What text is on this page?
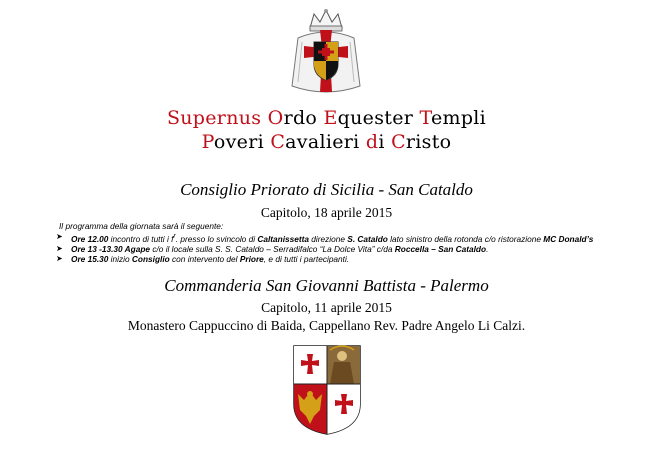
Supernus Ordo Equester Templi
Poveri Cavalieri di Cristo
Consiglio Priorato di Sicilia - San Cataldo
Capitolo, 18 aprile 2015
Il programma della giornata sarà il seguente:
➤ Ore 12.00 incontro di tutti i $f^r$. presso lo svincolo di Caltanissetta direzione S. Cataldo lato sinistro della rotonda c/o ristorazione MC Donald’s
➤ Ore 13 -13.30 Agape c/o il locale sulla S. S. Cataldo – Serradifalco “La Dolce Vita” c/da Roccella – San Cataldo.
➤ Ore 15.30 inizio Consiglio con intervento del Priore, e di tutti i partecipanti.
Commanderia San Giovanni Battista - Palermo
Capitolo, 11 aprile 2015
Monastero Cappuccino di Baida, Cappellano Rev. Padre Angelo Li Calzi.
